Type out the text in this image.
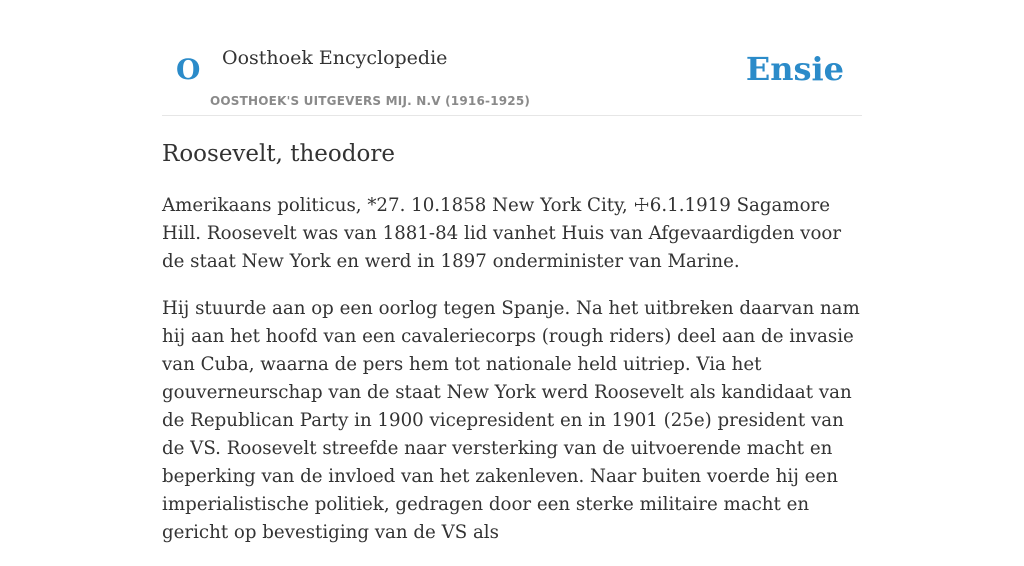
O Oosthoek Encyclopedie
OOSTHOEK'S UITGEVERS MIJ. N.V (1916-1925)
Ensie
Roosevelt, theodore

Amerikaans politicus, *27. 10.1858 New York City, ☩6.1.1919 Sagamore Hill. Roosevelt was van 1881-84 lid vanhet Huis van Afgevaardigden voor de staat New York en werd in 1897 onderminister van Marine.

Hij stuurde aan op een oorlog tegen Spanje. Na het uitbreken daarvan nam hij aan het hoofd van een cavaleriecorps (rough riders) deel aan de invasie van Cuba, waarna de pers hem tot nationale held uitriep. Via het gouverneurschap van de staat New York werd Roosevelt als kandidaat van de Republican Party in 1900 vicepresident en in 1901 (25e) president van de VS. Roosevelt streefde naar versterking van de uitvoerende macht en beperking van de invloed van het zakenleven. Naar buiten voerde hij een imperialistische politiek, gedragen door een sterke militaire macht en gericht op bevestiging van de VS als
